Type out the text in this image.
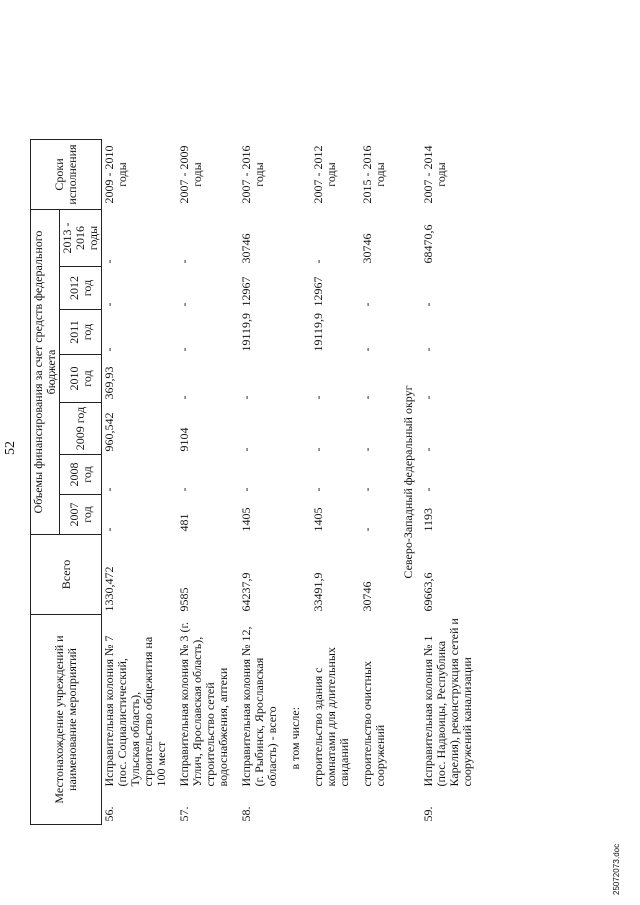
52
Местонахождение учреждений и наименование мероприятий		Всего	Объемы финансирования за счет средств федерального бюджета							Сроки исполнения
			2007 год	2008 год	2009 год	2010 год	2011 год	2012 год	2013 - 2016 годы	
56.	Исправительная колония № 7 (пос. Социалистический, Тульская область), строительство общежития на 100 мест	1330,472	-	-	960,542	369,93	-	-	-	2009 - 2010 годы

57.	Исправительная колония № 3 (г. Углич, Ярославская область), строительство сетей водоснабжения, аптеки	9585	481	-	9104	-	-	-	-	2007 - 2009 годы

58.	Исправительная колония № 12, (г. Рыбинск, Ярославская область) - всего	64237,9	1405	-	-	-	19119,9	12967	30746	2007 - 2016 годы

	в том числе:									

	строительство здания с комнатами для длительных свиданий	33491,9	1405	-	-	-	19119,9	12967	-	2007 - 2012 годы

	строительство очистных сооружений	30746	-	-	-	-	-	-	30746	2015 - 2016 годы

Северо-Западный федеральный округ										
59.	Исправительная колония № 1 (пос. Надвоицы, Республика Карелия), реконструкция сетей и сооружений канализации	69663,6	1193	-	-	-	-	-	68470,6	2007 - 2014 годы

2507207З.doc
